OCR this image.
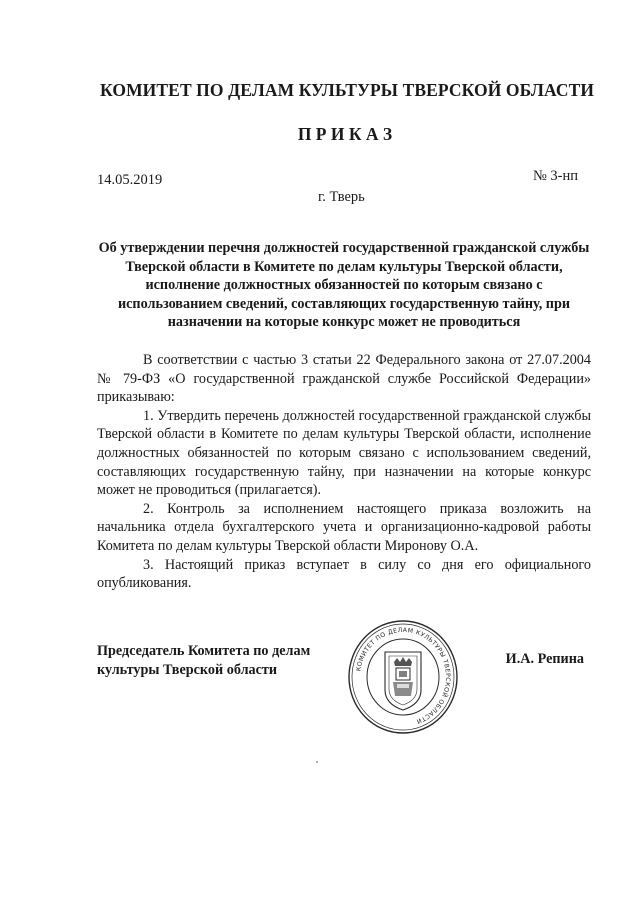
КОМИТЕТ ПО ДЕЛАМ КУЛЬТУРЫ ТВЕРСКОЙ ОБЛАСТИ
П Р И К А З
14.05.2019	№ 3-нп
г. Тверь
Об утверждении перечня должностей государственной гражданской службы Тверской области в Комитете по делам культуры Тверской области, исполнение должностных обязанностей по которым связано с использованием сведений, составляющих государственную тайну, при назначении на которые конкурс может не проводиться

В соответствии с частью 3 статьи 22 Федерального закона от 27.07.2004 № 79-ФЗ «О государственной гражданской службе Российской Федерации» приказываю:

1. Утвердить перечень должностей государственной гражданской службы Тверской области в Комитете по делам культуры Тверской области, исполнение должностных обязанностей по которым связано с использованием сведений, составляющих государственную тайну, при назначении на которые конкурс может не проводиться (прилагается).

2. Контроль за исполнением настоящего приказа возложить на начальника отдела бухгалтерского учета и организационно-кадровой работы Комитета по делам культуры Тверской области Миронову О.А.

3. Настоящий приказ вступает в силу со дня его официального опубликования.

Председатель Комитета по делам культуры Тверской области
И.А. Репина
КОМИТЕТ ПО ДЕЛАМ КУЛЬТУРЫ ТВЕРСКОЙ ОБЛАСТИ
